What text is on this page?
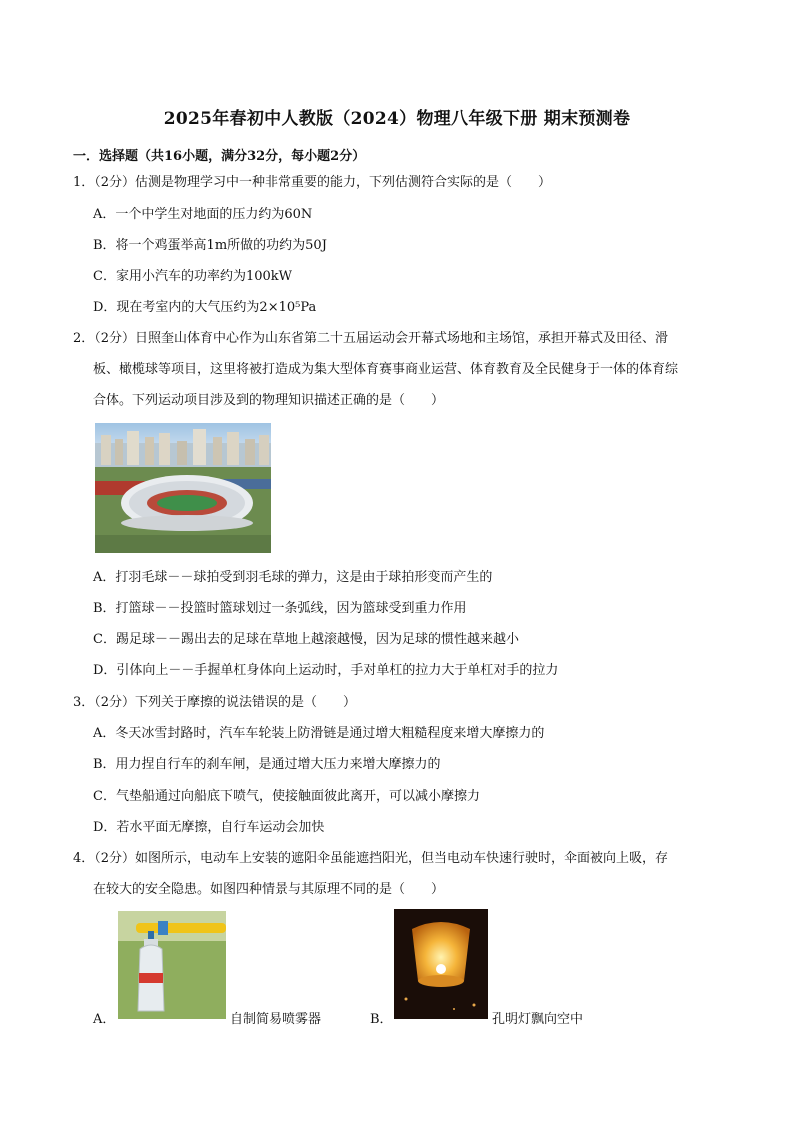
2025年春初中人教版（2024）物理八年级下册 期末预测卷
一．选择题（共16小题，满分32分，每小题2分）
1．（2分）估测是物理学习中一种非常重要的能力，下列估测符合实际的是（　　）
A．一个中学生对地面的压力约为60N
B．将一个鸡蛋举高1m所做的功约为50J
C．家用小汽车的功率约为100kW
D．现在考室内的大气压约为2×10⁵Pa
2．（2分）日照奎山体育中心作为山东省第二十五届运动会开幕式场地和主场馆，承担开幕式及田径、滑
板、橄榄球等项目，这里将被打造成为集大型体育赛事商业运营、体育教育及全民健身于一体的体育综
合体。下列运动项目涉及到的物理知识描述正确的是（　　）
A．打羽毛球－－球拍受到羽毛球的弹力，这是由于球拍形变而产生的
B．打篮球－－投篮时篮球划过一条弧线，因为篮球受到重力作用
C．踢足球－－踢出去的足球在草地上越滚越慢，因为足球的惯性越来越小
D．引体向上－－手握单杠身体向上运动时，手对单杠的拉力大于单杠对手的拉力
3．（2分）下列关于摩擦的说法错误的是（　　）
A．冬天冰雪封路时，汽车车轮装上防滑链是通过增大粗糙程度来增大摩擦力的
B．用力捏自行车的刹车闸，是通过增大压力来增大摩擦力的
C．气垫船通过向船底下喷气，使接触面彼此离开，可以减小摩擦力
D．若水平面无摩擦，自行车运动会加快
4．（2分）如图所示，电动车上安装的遮阳伞虽能遮挡阳光，但当电动车快速行驶时，伞面被向上吸，存
在较大的安全隐患。如图四种情景与其原理不同的是（　　）
A．	自制简易喷雾器	B．	孔明灯飘向空中
